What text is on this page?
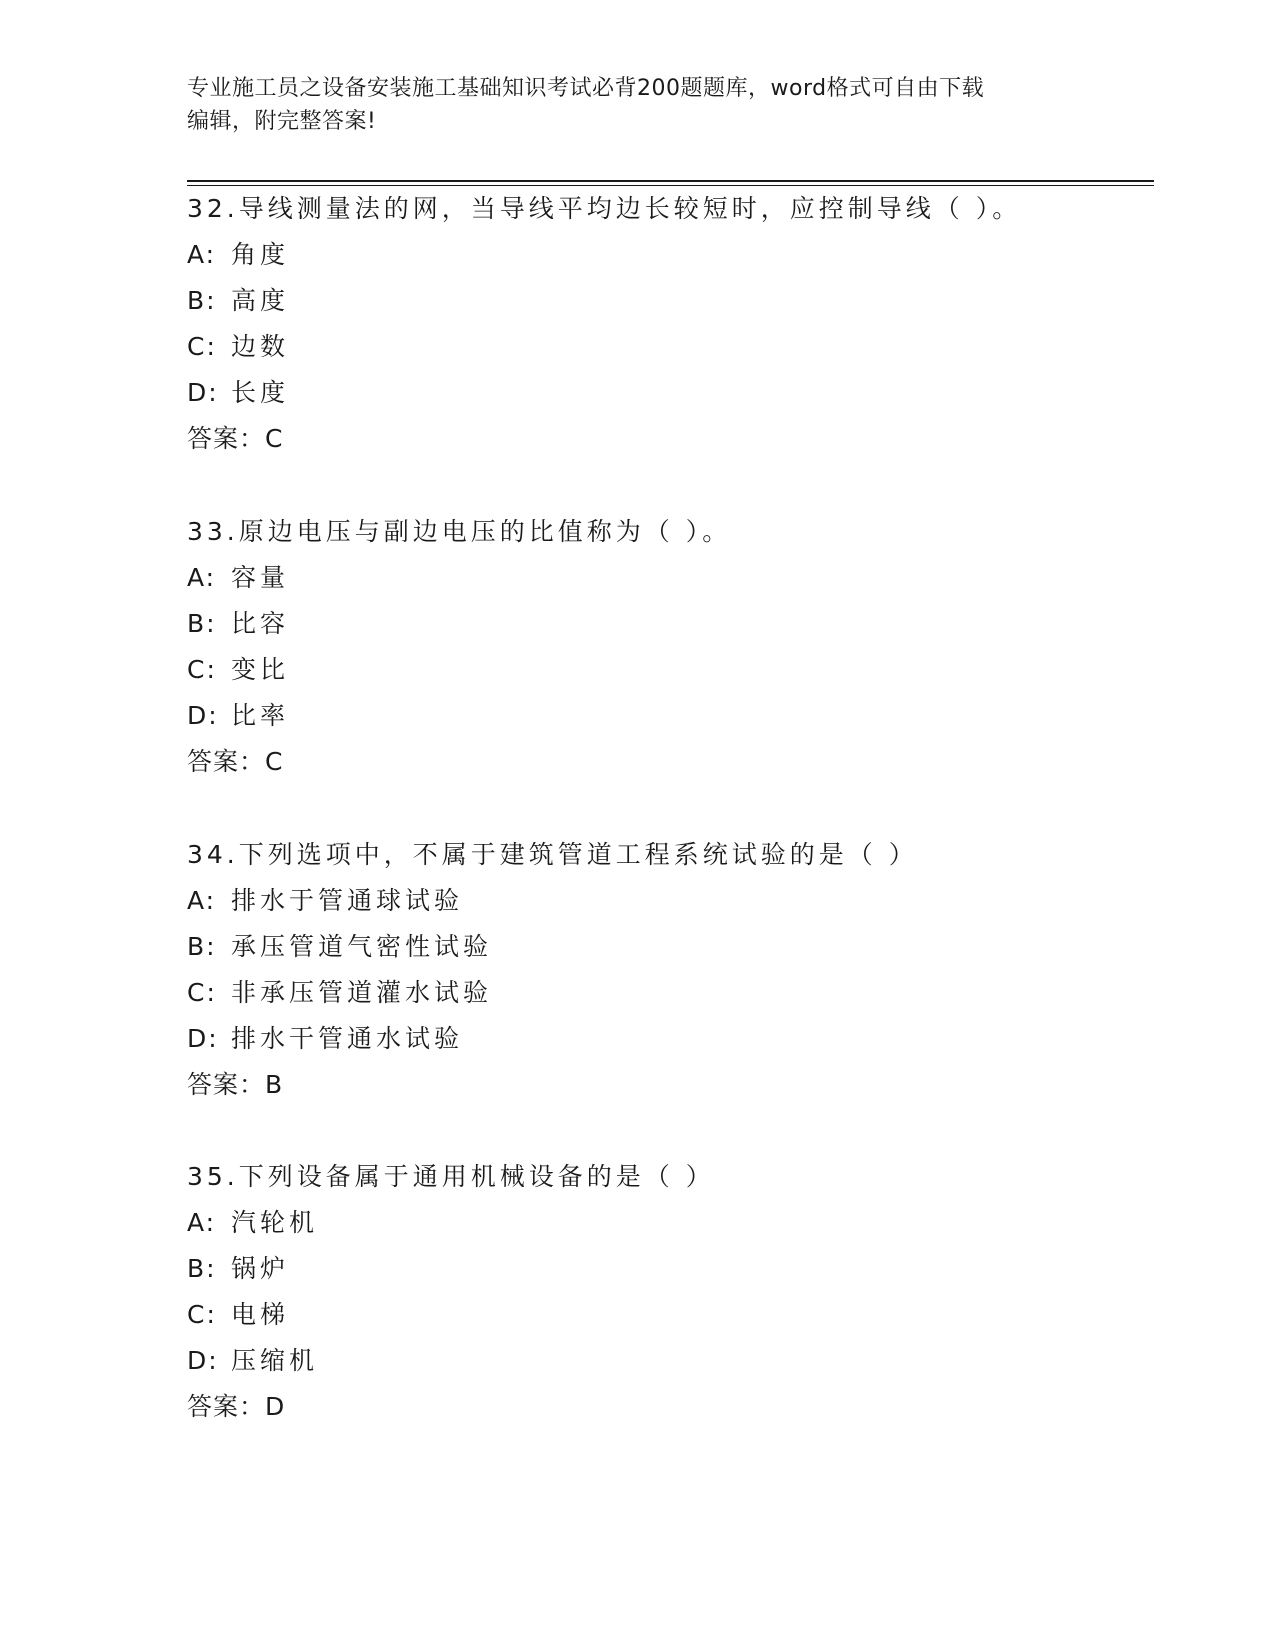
专业施工员之设备安装施工基础知识考试必背200题题库，word格式可自由下载
编辑，附完整答案!
32.导线测量法的网，当导线平均边长较短时，应控制导线（ ）。
A: 角度
B: 高度
C: 边数
D: 长度
答案：C
33.原边电压与副边电压的比值称为（ ）。
A: 容量
B: 比容
C: 变比
D: 比率
答案：C
34.下列选项中，不属于建筑管道工程系统试验的是（ ）
A: 排水于管通球试验
B: 承压管道气密性试验
C: 非承压管道灌水试验
D: 排水干管通水试验
答案：B
35.下列设备属于通用机械设备的是（ ）
A: 汽轮机
B: 锅炉
C: 电梯
D: 压缩机
答案：D
